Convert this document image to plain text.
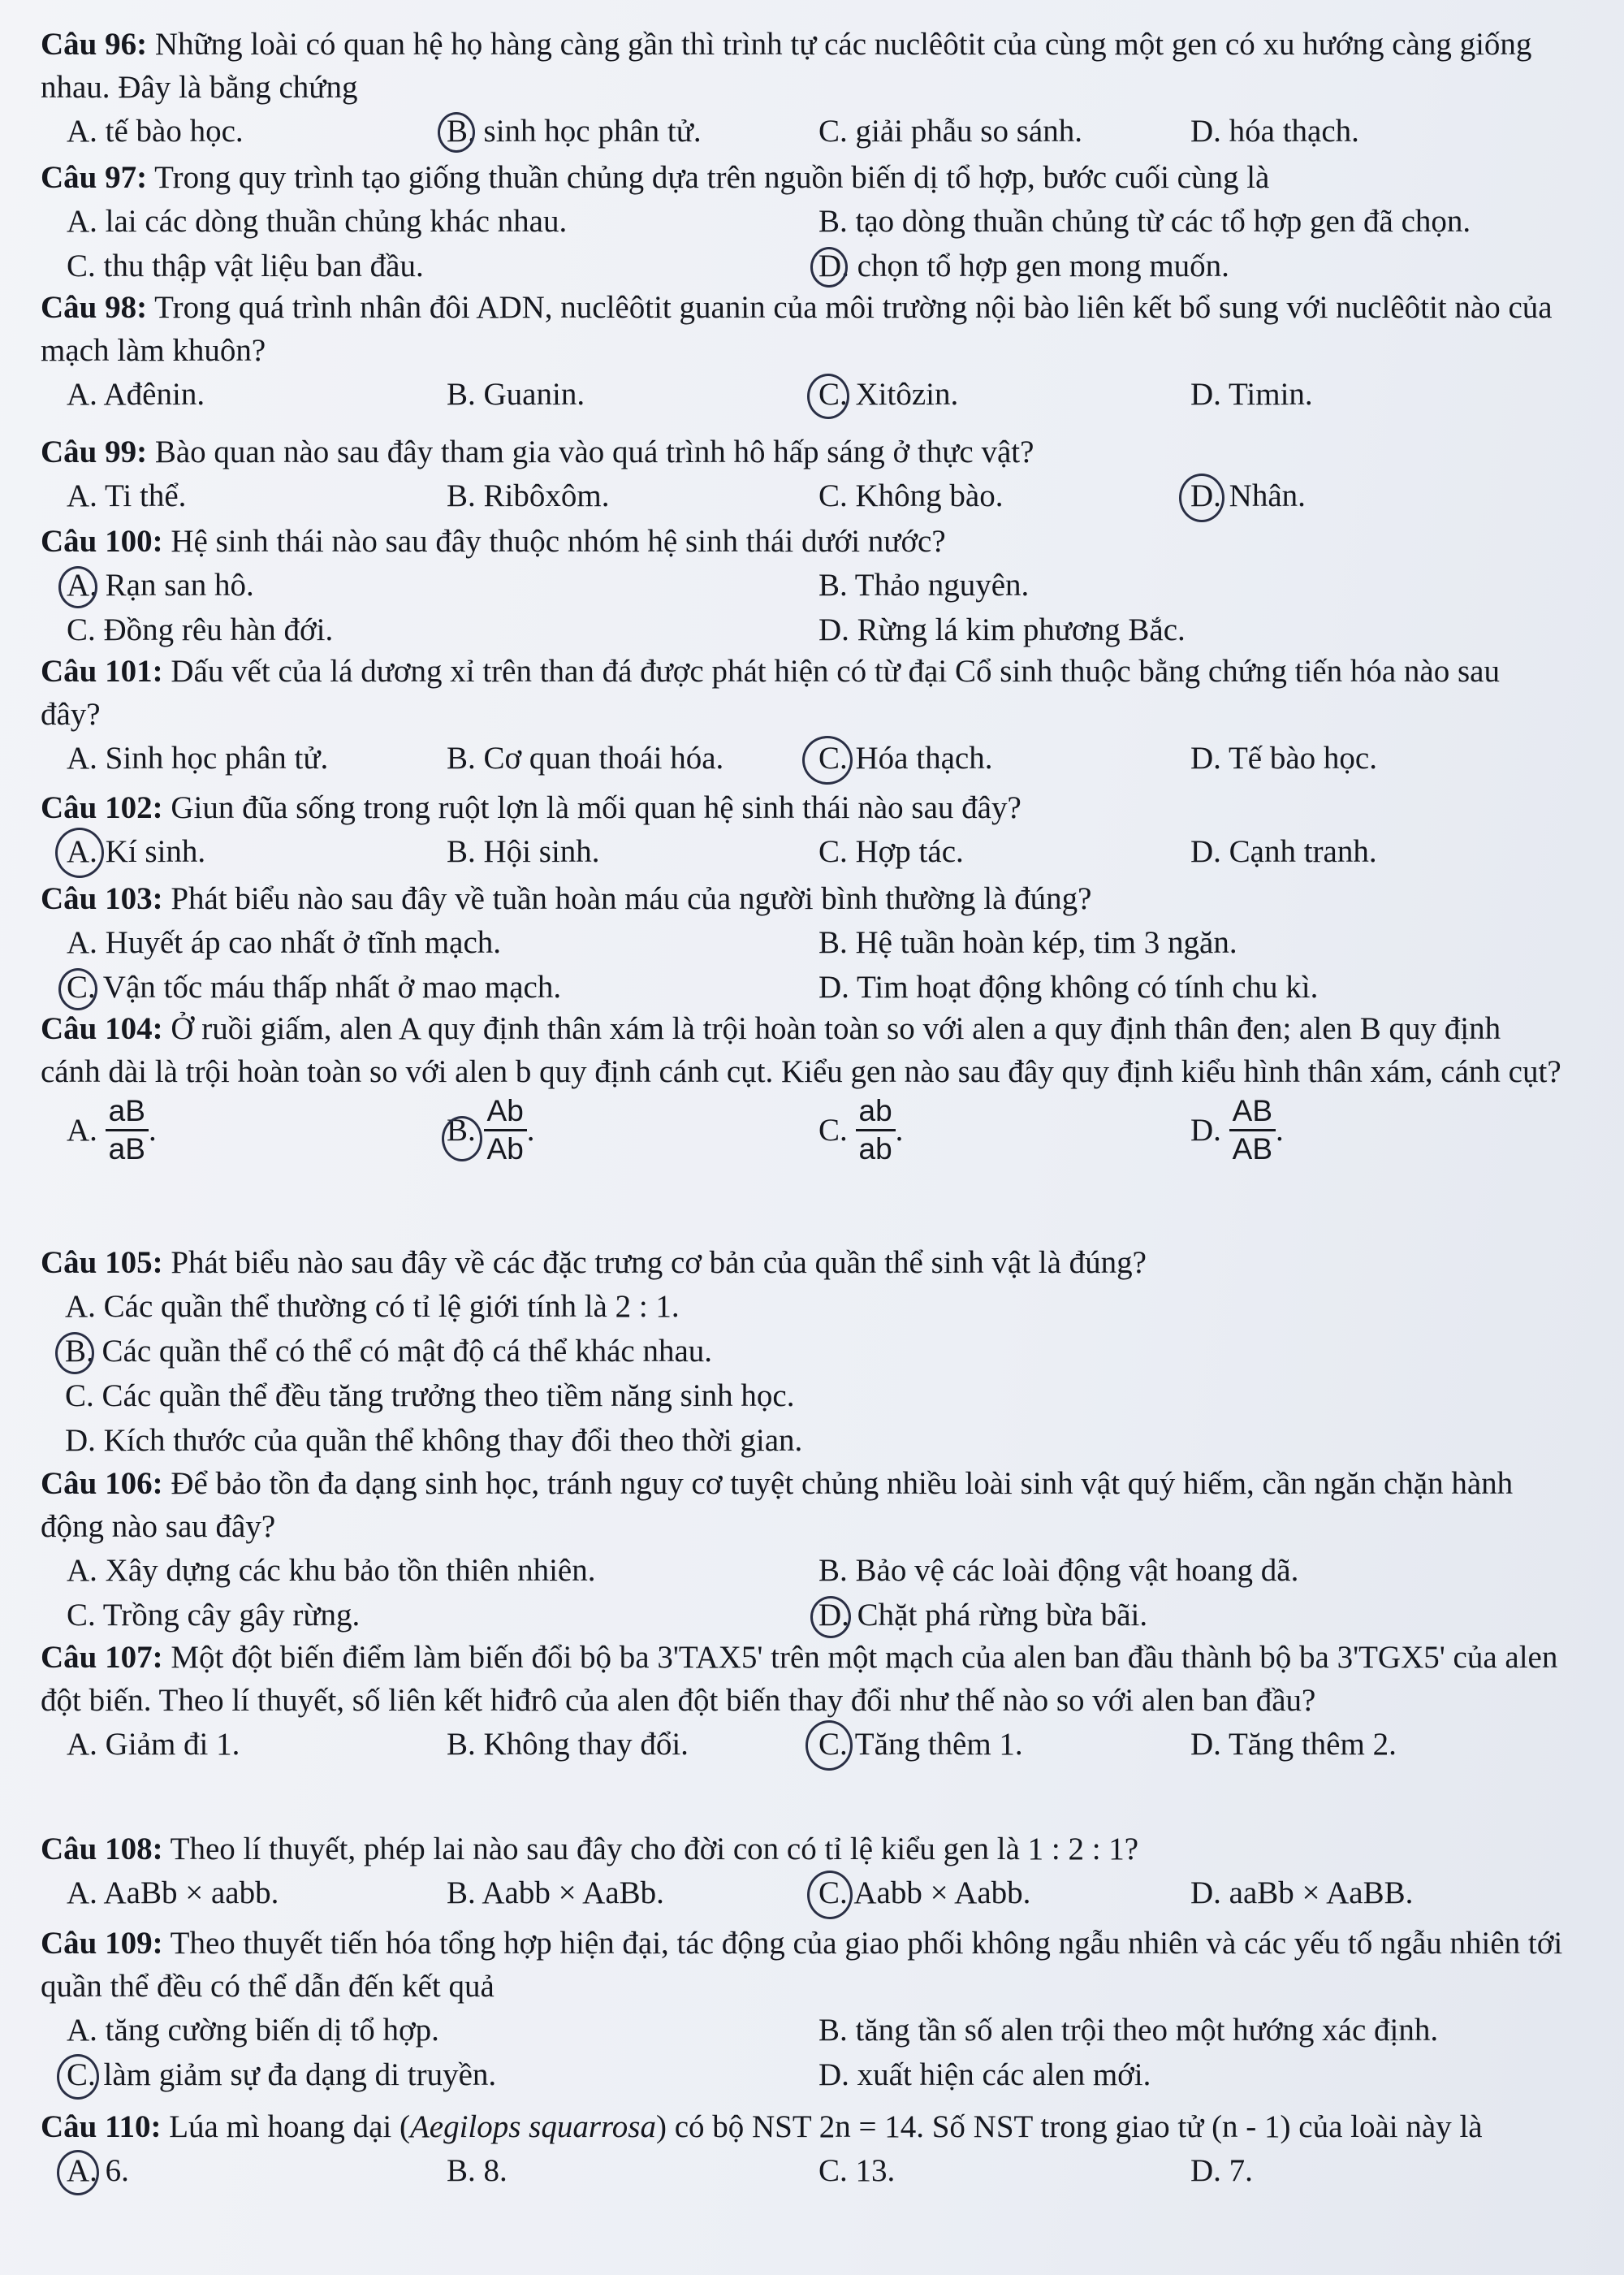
Câu 96: Những loài có quan hệ họ hàng càng gần thì trình tự các nuclêôtit của cùng một gen có xu hướng càng giống nhau. Đây là bằng chứng

A. tế bào học.	B. sinh học phân tử.	C. giải phẫu so sánh.	D. hóa thạch.

Câu 97: Trong quy trình tạo giống thuần chủng dựa trên nguồn biến dị tổ hợp, bước cuối cùng là

A. lai các dòng thuần chủng khác nhau.	B. tạo dòng thuần chủng từ các tổ hợp gen đã chọn.
C. thu thập vật liệu ban đầu.	D. chọn tổ hợp gen mong muốn.

Câu 98: Trong quá trình nhân đôi ADN, nuclêôtit guanin của môi trường nội bào liên kết bổ sung với nuclêôtit nào của mạch làm khuôn?

A. Ađênin.	B. Guanin.	C. Xitôzin.	D. Timin.

Câu 99: Bào quan nào sau đây tham gia vào quá trình hô hấp sáng ở thực vật?

A. Ti thể.	B. Ribôxôm.	C. Không bào.	D. Nhân.

Câu 100: Hệ sinh thái nào sau đây thuộc nhóm hệ sinh thái dưới nước?

A. Rạn san hô.	B. Thảo nguyên.
C. Đồng rêu hàn đới.	D. Rừng lá kim phương Bắc.

Câu 101: Dấu vết của lá dương xỉ trên than đá được phát hiện có từ đại Cổ sinh thuộc bằng chứng tiến hóa nào sau đây?

A. Sinh học phân tử.	B. Cơ quan thoái hóa.	C. Hóa thạch.	D. Tế bào học.

Câu 102: Giun đũa sống trong ruột lợn là mối quan hệ sinh thái nào sau đây?

A. Kí sinh.	B. Hội sinh.	C. Hợp tác.	D. Cạnh tranh.

Câu 103: Phát biểu nào sau đây về tuần hoàn máu của người bình thường là đúng?

A. Huyết áp cao nhất ở tĩnh mạch.	B. Hệ tuần hoàn kép, tim 3 ngăn.
C. Vận tốc máu thấp nhất ở mao mạch.	D. Tim hoạt động không có tính chu kì.

Câu 104: Ở ruồi giấm, alen A quy định thân xám là trội hoàn toàn so với alen a quy định thân đen; alen B quy định cánh dài là trội hoàn toàn so với alen b quy định cánh cụt. Kiểu gen nào sau đây quy định kiểu hình thân xám, cánh cụt?

A. $\frac{aB}{aB}$ .	B. $\frac{Ab}{Ab}$ .	C. $\frac{ab}{ab}$ .	D. $\frac{AB}{AB}$ .

Câu 105: Phát biểu nào sau đây về các đặc trưng cơ bản của quần thể sinh vật là đúng?

A. Các quần thể thường có tỉ lệ giới tính là 2 : 1.
B. Các quần thể có thể có mật độ cá thể khác nhau.
C. Các quần thể đều tăng trưởng theo tiềm năng sinh học.
D. Kích thước của quần thể không thay đổi theo thời gian.

Câu 106: Để bảo tồn đa dạng sinh học, tránh nguy cơ tuyệt chủng nhiều loài sinh vật quý hiếm, cần ngăn chặn hành động nào sau đây?

A. Xây dựng các khu bảo tồn thiên nhiên.	B. Bảo vệ các loài động vật hoang dã.
C. Trồng cây gây rừng.	D. Chặt phá rừng bừa bãi.

Câu 107: Một đột biến điểm làm biến đổi bộ ba 3'TAX5' trên một mạch của alen ban đầu thành bộ ba 3'TGX5' của alen đột biến. Theo lí thuyết, số liên kết hiđrô của alen đột biến thay đổi như thế nào so với alen ban đầu?

A. Giảm đi 1.	B. Không thay đổi.	C. Tăng thêm 1.	D. Tăng thêm 2.

Câu 108: Theo lí thuyết, phép lai nào sau đây cho đời con có tỉ lệ kiểu gen là 1 : 2 : 1?

A. AaBb × aabb.	B. Aabb × AaBb.	C. Aabb × Aabb.	D. aaBb × AaBB.

Câu 109: Theo thuyết tiến hóa tổng hợp hiện đại, tác động của giao phối không ngẫu nhiên và các yếu tố ngẫu nhiên tới quần thể đều có thể dẫn đến kết quả

A. tăng cường biến dị tổ hợp.	B. tăng tần số alen trội theo một hướng xác định.
C. làm giảm sự đa dạng di truyền.	D. xuất hiện các alen mới.

Câu 110: Lúa mì hoang dại (Aegilops squarrosa) có bộ NST 2n = 14. Số NST trong giao tử (n - 1) của loài này là

A. 6.	B. 8.	C. 13.	D. 7.
